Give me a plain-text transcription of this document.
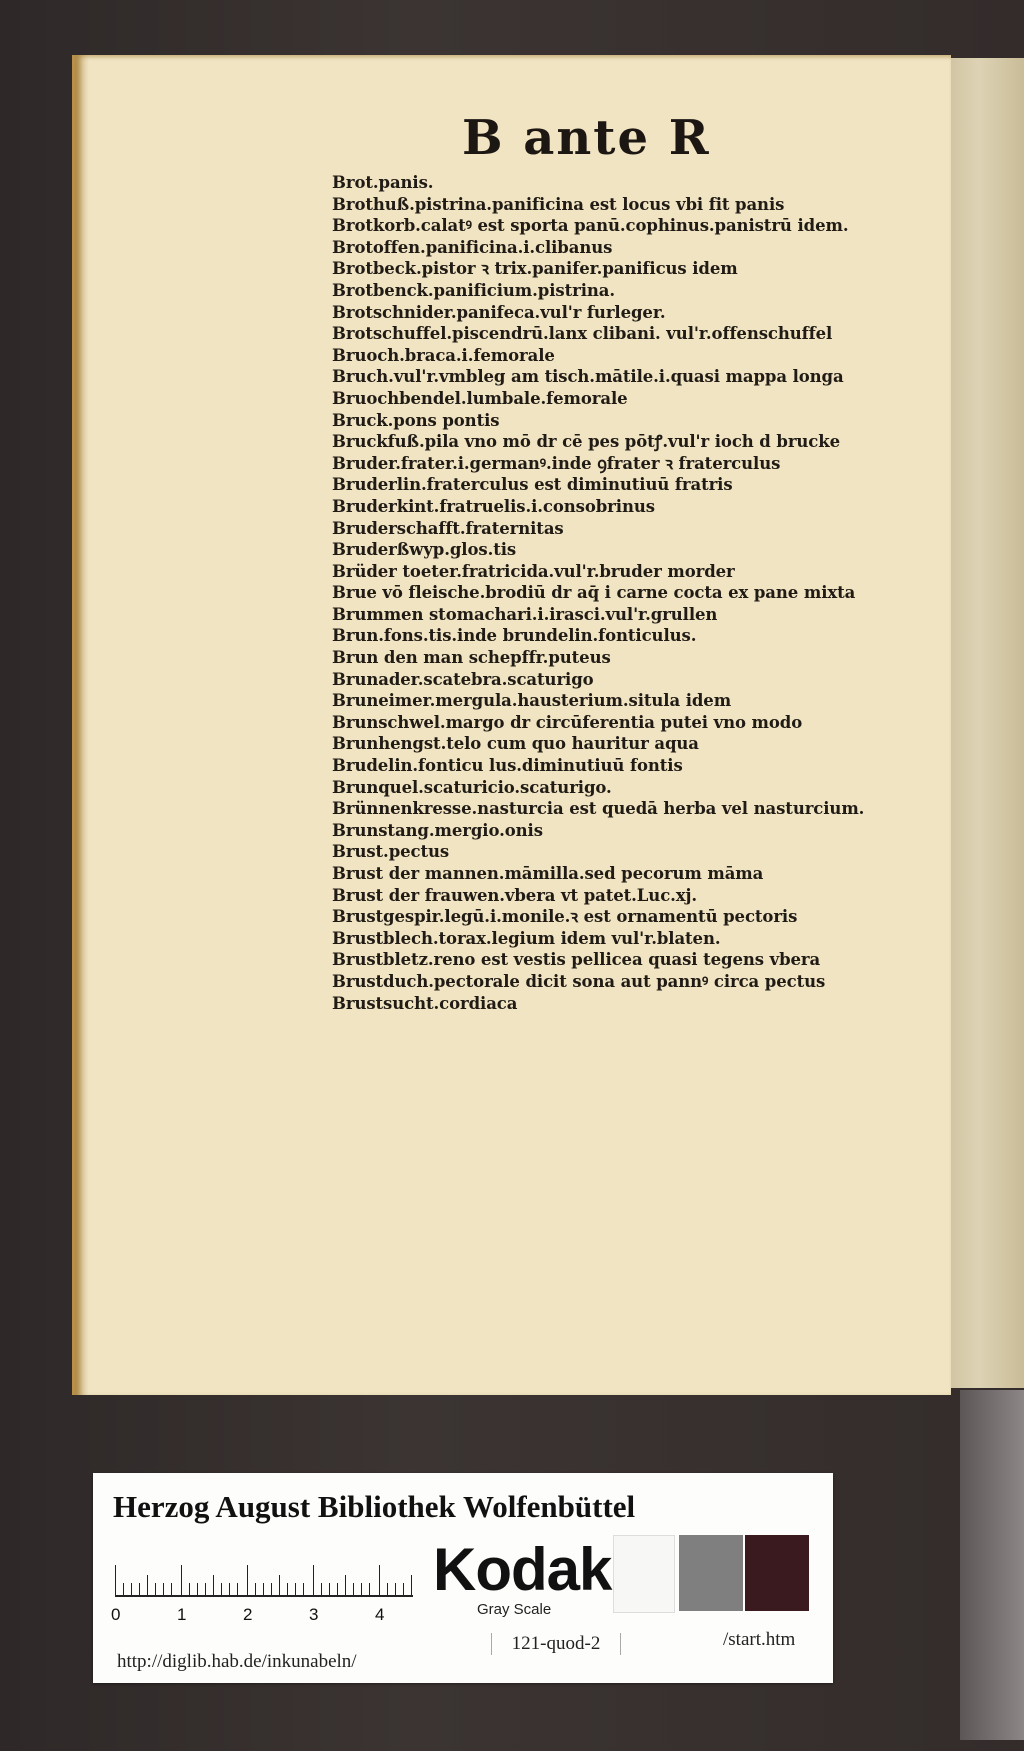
B ante R
Brot.panis.
Brothuß.pistrina.panificina est locus vbi fit panis
Brotkorb.calatꝰ est sporta panū.cophinus.panistrū idem.
Brotoffen.panificina.i.clibanus
Brotbeck.pistor ꝛ trix.panifer.panificus idem
Brotbenck.panificium.pistrina.
Brotschnider.panifeca.vul'r furleger.
Brotschuffel.piscendrū.lanx clibani. vul'r.offenschuffel
Bruoch.braca.i.femorale
Bruch.vul'r.vmbleg am tisch.mātile.i.quasi mappa longa
Bruochbendel.lumbale.femorale
Bruck.pons pontis
Bruckfuß.pila vno mō dr cē pes pōtꝭ.vul'r ioch d brucke
Bruder.frater.i.germanꝰ.inde ꝯfrater ꝛ fraterculus
Bruderlin.fraterculus est diminutiuū fratris
Bruderkint.fratruelis.i.consobrinus
Bruderschafft.fraternitas
Bruderßwyp.glos.tis
Brüder toeter.fratricida.vul'r.bruder morder
Brue vō fleische.brodiū dr aq̄ i carne cocta ex pane mixta
Brummen stomachari.i.irasci.vul'r.grullen
Brun.fons.tis.inde brundelin.fonticulus.
Brun den man schepffr.puteus
Brunader.scatebra.scaturigo
Bruneimer.mergula.hausterium.situla idem
Brunschwel.margo dr circūferentia putei vno modo
Brunhengst.telo cum quo hauritur aqua
Brudelin.fonticu lus.diminutiuū fontis
Brunquel.scaturicio.scaturigo.
Brünnenkresse.nasturcia est quedā herba vel nasturcium.
Brunstang.mergio.onis
Brust.pectus
Brust der mannen.māmilla.sed pecorum māma
Brust der frauwen.vbera vt patet.Luc.xj.
Brustgespir.legū.i.monile.ꝛ est ornamentū pectoris
Brustblech.torax.legium idem vul'r.blaten.
Brustbletz.reno est vestis pellicea quasi tegens vbera
Brustduch.pectorale dicit sona aut pannꝰ circa pectus
Brustsucht.cordiaca
Herzog August Bibliothek Wolfenbüttel
0	1	2	3	4
Kodak
Gray Scale
http://diglib.hab.de/inkunabeln/
121-quod-2	/start.htm
